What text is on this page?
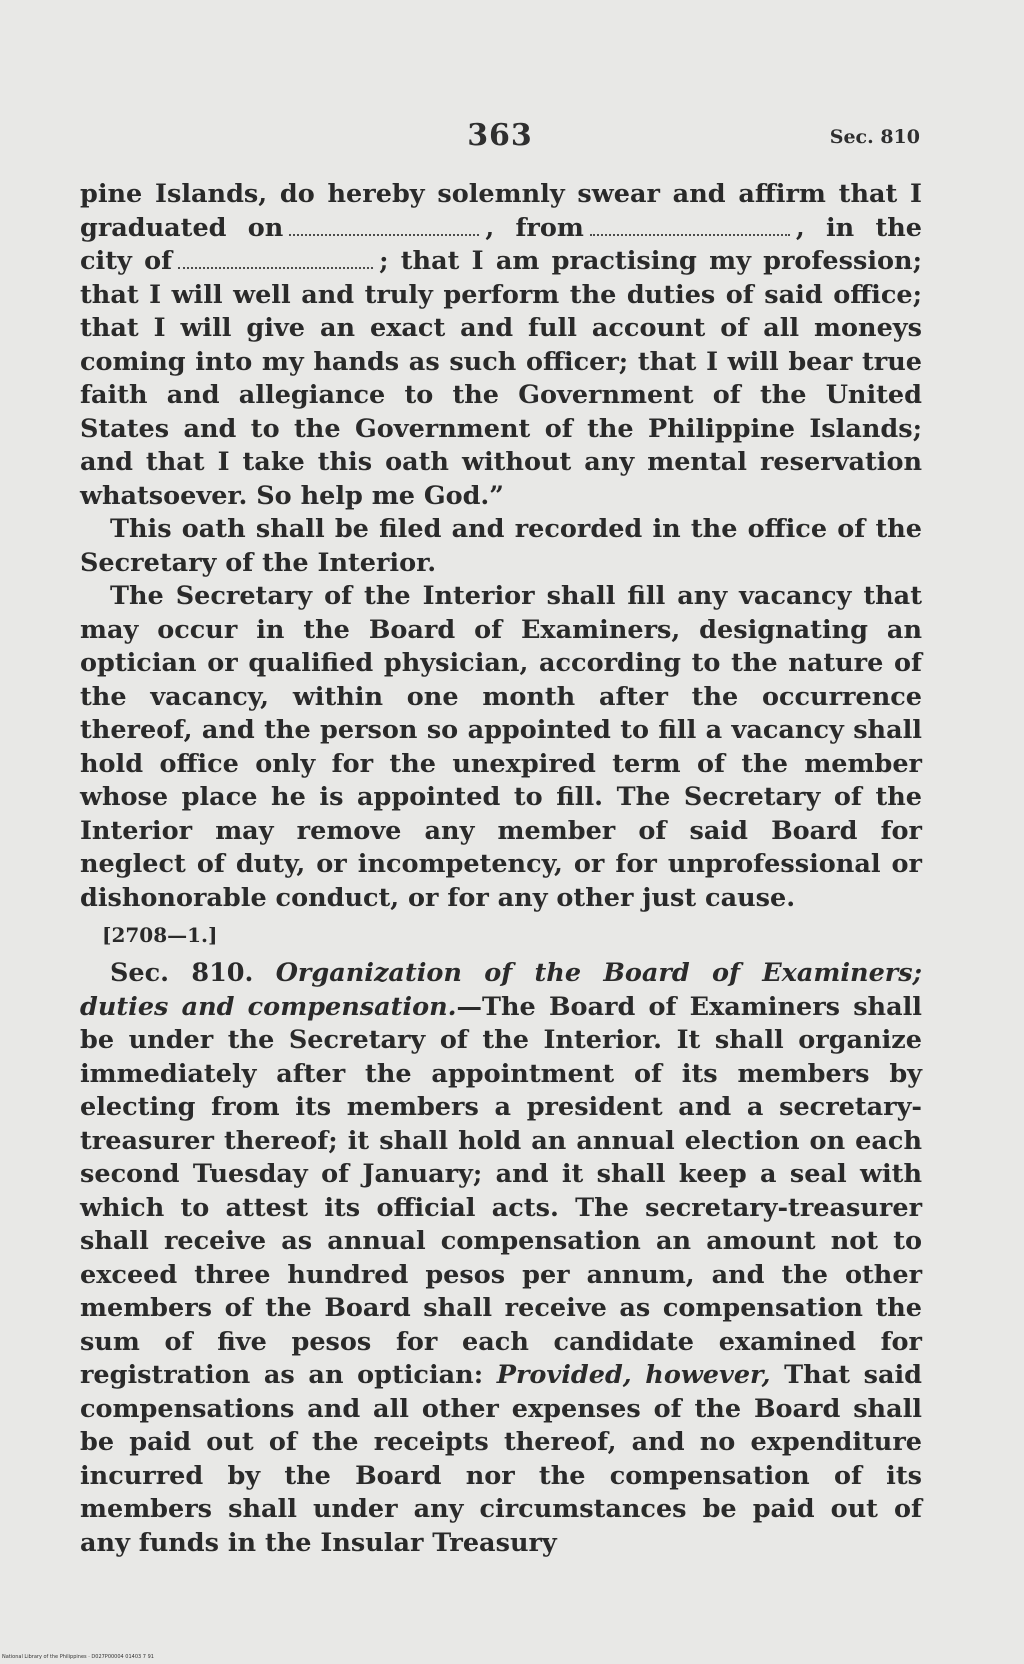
363	Sec. 810

pine Islands, do hereby solemnly swear and affirm that I graduated on	, from	, in the city of	; that I am practising my profession; that I will well and truly perform the duties of said office; that I will give an exact and full account of all moneys coming into my hands as such officer; that I will bear true faith and allegiance to the Government of the United States and to the Government of the Philippine Islands; and that I take this oath without any mental reservation whatsoever. So help me God.”

This oath shall be filed and recorded in the office of the Secretary of the Interior.

The Secretary of the Interior shall fill any vacancy that may occur in the Board of Examiners, designating an optician or qualified physician, according to the nature of the vacancy, within one month after the occurrence thereof, and the person so appointed to fill a vacancy shall hold office only for the unexpired term of the member whose place he is appointed to fill. The Secretary of the Interior may remove any member of said Board for neglect of duty, or incompetency, or for unprofessional or dishonorable conduct, or for any other just cause.

[2708—1.]

Sec. 810. Organization of the Board of Examiners; duties and compensation.—The Board of Examiners shall be under the Secretary of the Interior. It shall organize immediately after the appointment of its members by electing from its members a president and a secretary-treasurer thereof; it shall hold an annual election on each second Tuesday of January; and it shall keep a seal with which to attest its official acts. The secretary-treasurer shall receive as annual compensation an amount not to exceed three hundred pesos per annum, and the other members of the Board shall receive as compensation the sum of five pesos for each candidate examined for registration as an optician: Provided, however, That said compensations and all other expenses of the Board shall be paid out of the receipts thereof, and no expenditure incurred by the Board nor the compensation of its members shall under any circumstances be paid out of any funds in the Insular Treasury

National Library of the Philippines · D027P00004 01403 7 91
